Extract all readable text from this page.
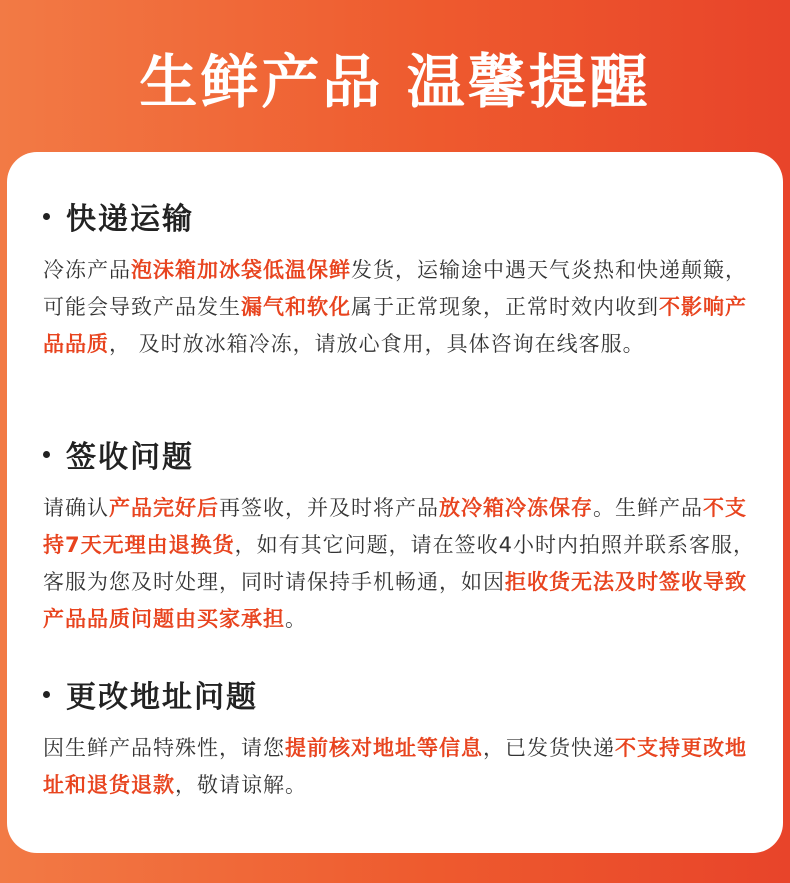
生鲜产品 温馨提醒
快递运输
冷冻产品泡沫箱加冰袋低温保鲜发货，运输途中遇天气炎热和快递颠簸，可能会导致产品发生漏气和软化属于正常现象，正常时效内收到不影响产品品质， 及时放冰箱冷冻，请放心食用，具体咨询在线客服。
签收问题
请确认产品完好后再签收，并及时将产品放冷箱冷冻保存。生鲜产品不支持7天无理由退换货，如有其它问题，请在签收4小时内拍照并联系客服，客服为您及时处理，同时请保持手机畅通，如因拒收货无法及时签收导致产品品质问题由买家承担。
更改地址问题
因生鲜产品特殊性，请您提前核对地址等信息，已发货快递不支持更改地址和退货退款，敬请谅解。
